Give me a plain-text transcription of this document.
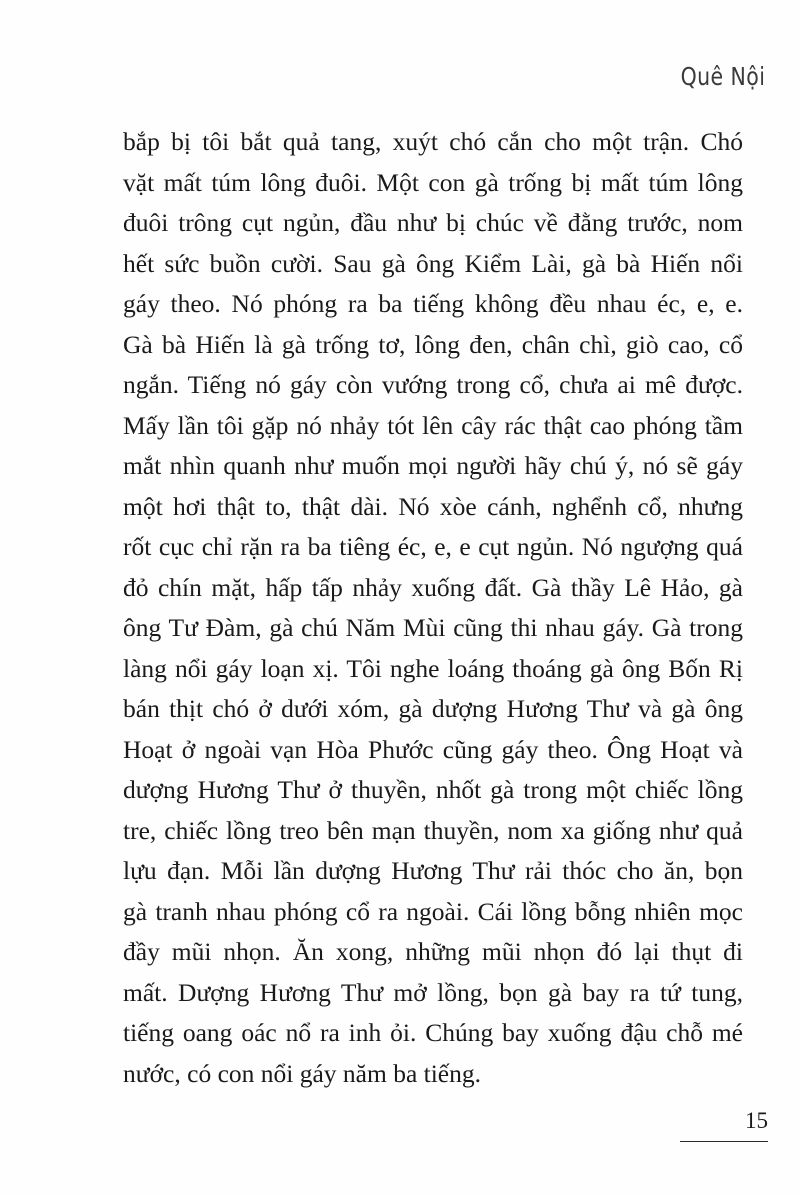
Quê Nội
bắp bị tôi bắt quả tang, xuýt chó cắn cho một trận. Chó
vặt mất túm lông đuôi. Một con gà trống bị mất túm lông
đuôi trông cụt ngủn, đầu như bị chúc về đằng trước, nom
hết sức buồn cười. Sau gà ông Kiểm Lài, gà bà Hiến nổi
gáy theo. Nó phóng ra ba tiếng không đều nhau éc, e, e.
Gà bà Hiến là gà trống tơ, lông đen, chân chì, giò cao, cổ
ngắn. Tiếng nó gáy còn vướng trong cổ, chưa ai mê được.
Mấy lần tôi gặp nó nhảy tót lên cây rác thật cao phóng tầm
mắt nhìn quanh như muốn mọi người hãy chú ý, nó sẽ gáy
một hơi thật to, thật dài. Nó xòe cánh, nghểnh cổ, nhưng
rốt cục chỉ rặn ra ba tiêng éc, e, e cụt ngủn. Nó ngượng quá
đỏ chín mặt, hấp tấp nhảy xuống đất. Gà thầy Lê Hảo, gà
ông Tư Đàm, gà chú Năm Mùi cũng thi nhau gáy. Gà trong
làng nổi gáy loạn xị. Tôi nghe loáng thoáng gà ông Bốn Rị
bán thịt chó ở dưới xóm, gà dượng Hương Thư và gà ông
Hoạt ở ngoài vạn Hòa Phước cũng gáy theo. Ông Hoạt và
dượng Hương Thư ở thuyền, nhốt gà trong một chiếc lồng
tre, chiếc lồng treo bên mạn thuyền, nom xa giống như quả
lựu đạn. Mỗi lần dượng Hương Thư rải thóc cho ăn, bọn
gà tranh nhau phóng cổ ra ngoài. Cái lồng bỗng nhiên mọc
đầy mũi nhọn. Ăn xong, những mũi nhọn đó lại thụt đi
mất. Dượng Hương Thư mở lồng, bọn gà bay ra tứ tung,
tiếng oang oác nổ ra inh ỏi. Chúng bay xuống đậu chỗ mé
nước, có con nổi gáy năm ba tiếng.
15
